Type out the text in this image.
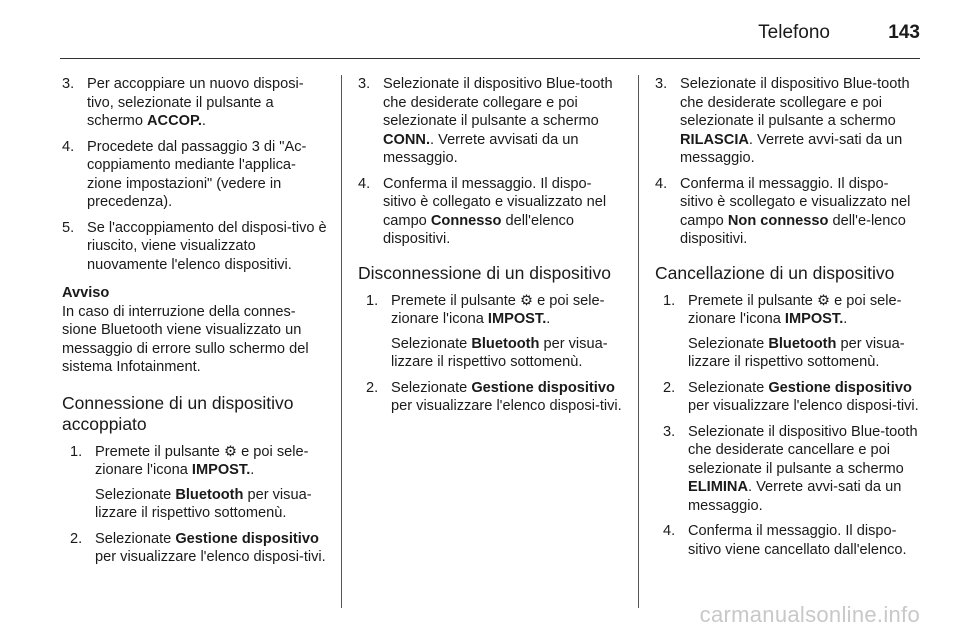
Telefono	143
3. Per accoppiare un nuovo disposi-tivo, selezionate il pulsante a schermo ACCOP..
4. Procedete dal passaggio 3 di "Ac-coppiamento mediante l'applica-zione impostazioni" (vedere in precedenza).
5. Se l'accoppiamento del disposi-tivo è riuscito, viene visualizzato nuovamente l'elenco dispositivi.
Avviso
In caso di interruzione della connes-sione Bluetooth viene visualizzato un messaggio di errore sullo schermo del sistema Infotainment.
Connessione di un dispositivo accoppiato
1. Premete il pulsante ⚙ e poi sele-zionare l'icona IMPOST..

Selezionate Bluetooth per visua-lizzare il rispettivo sottomenù.

2. Selezionate Gestione dispositivo per visualizzare l'elenco disposi-tivi.
3. Selezionate il dispositivo Blue-tooth che desiderate collegare e poi selezionate il pulsante a schermo CONN.. Verrete avvisati da un messaggio.
4. Conferma il messaggio. Il dispo-sitivo è collegato e visualizzato nel campo Connesso dell'elenco dispositivi.
Disconnessione di un dispositivo
1. Premete il pulsante ⚙ e poi sele-zionare l'icona IMPOST..

Selezionate Bluetooth per visua-lizzare il rispettivo sottomenù.

2. Selezionate Gestione dispositivo per visualizzare l'elenco disposi-tivi.
3. Selezionate il dispositivo Blue-tooth che desiderate scollegare e poi selezionate il pulsante a schermo RILASCIA. Verrete avvi-sati da un messaggio.
4. Conferma il messaggio. Il dispo-sitivo è scollegato e visualizzato nel campo Non connesso dell'e-lenco dispositivi.
Cancellazione di un dispositivo
1. Premete il pulsante ⚙ e poi sele-zionare l'icona IMPOST..

Selezionate Bluetooth per visua-lizzare il rispettivo sottomenù.

2. Selezionate Gestione dispositivo per visualizzare l'elenco disposi-tivi.
3. Selezionate il dispositivo Blue-tooth che desiderate cancellare e poi selezionate il pulsante a schermo ELIMINA. Verrete avvi-sati da un messaggio.
4. Conferma il messaggio. Il dispo-sitivo viene cancellato dall'elenco.
carmanualsonline.info
